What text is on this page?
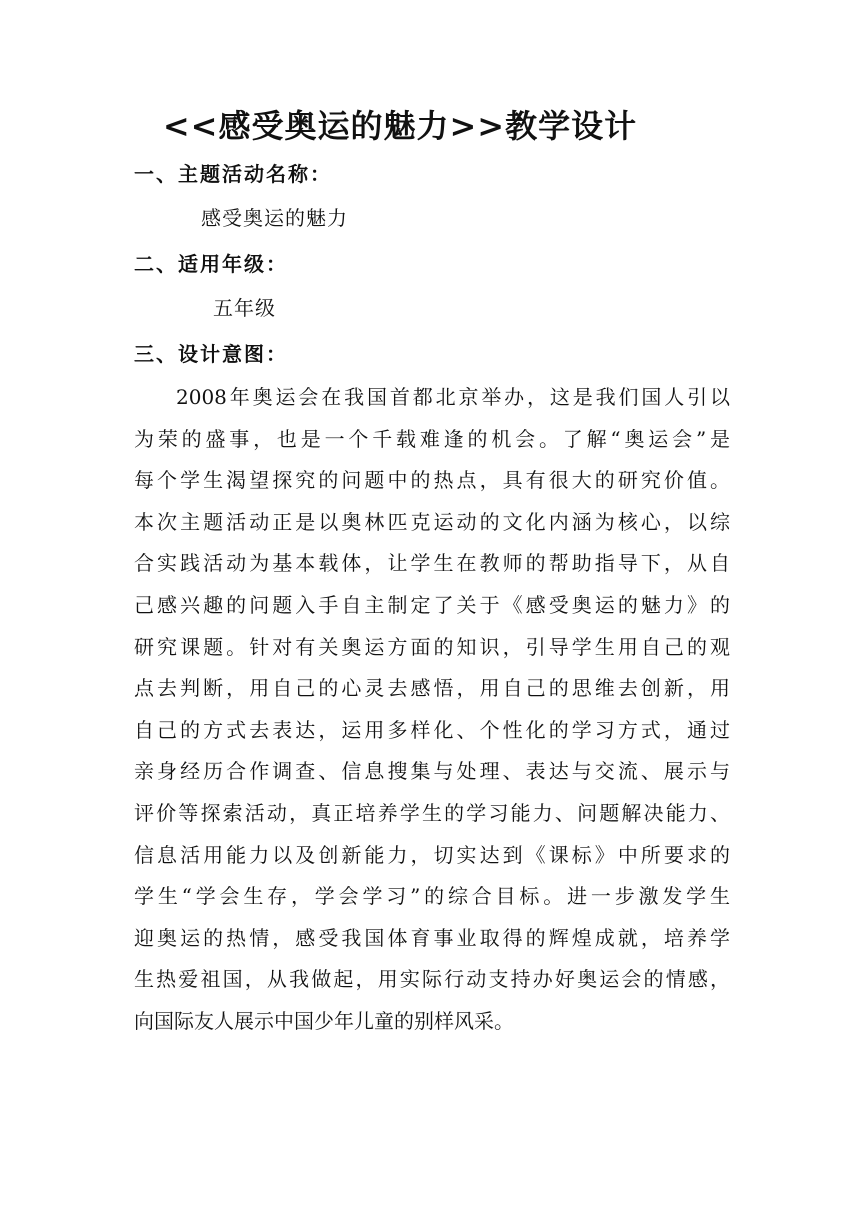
<<感受奥运的魅力>>教学设计
一、主题活动名称：
感受奥运的魅力
二、适用年级：
五年级
三、设计意图：
2008年奥运会在我国首都北京举办，这是我们国人引以
为荣的盛事，也是一个千载难逢的机会。了解“奥运会”是
每个学生渴望探究的问题中的热点，具有很大的研究价值。
本次主题活动正是以奥林匹克运动的文化内涵为核心，以综
合实践活动为基本载体，让学生在教师的帮助指导下，从自
己感兴趣的问题入手自主制定了关于《感受奥运的魅力》的
研究课题。针对有关奥运方面的知识，引导学生用自己的观
点去判断，用自己的心灵去感悟，用自己的思维去创新，用
自己的方式去表达，运用多样化、个性化的学习方式，通过
亲身经历合作调查、信息搜集与处理、表达与交流、展示与
评价等探索活动，真正培养学生的学习能力、问题解决能力、
信息活用能力以及创新能力，切实达到《课标》中所要求的
学生“学会生存，学会学习”的综合目标。进一步激发学生
迎奥运的热情，感受我国体育事业取得的辉煌成就，培养学
生热爱祖国，从我做起，用实际行动支持办好奥运会的情感，
向国际友人展示中国少年儿童的别样风采。
